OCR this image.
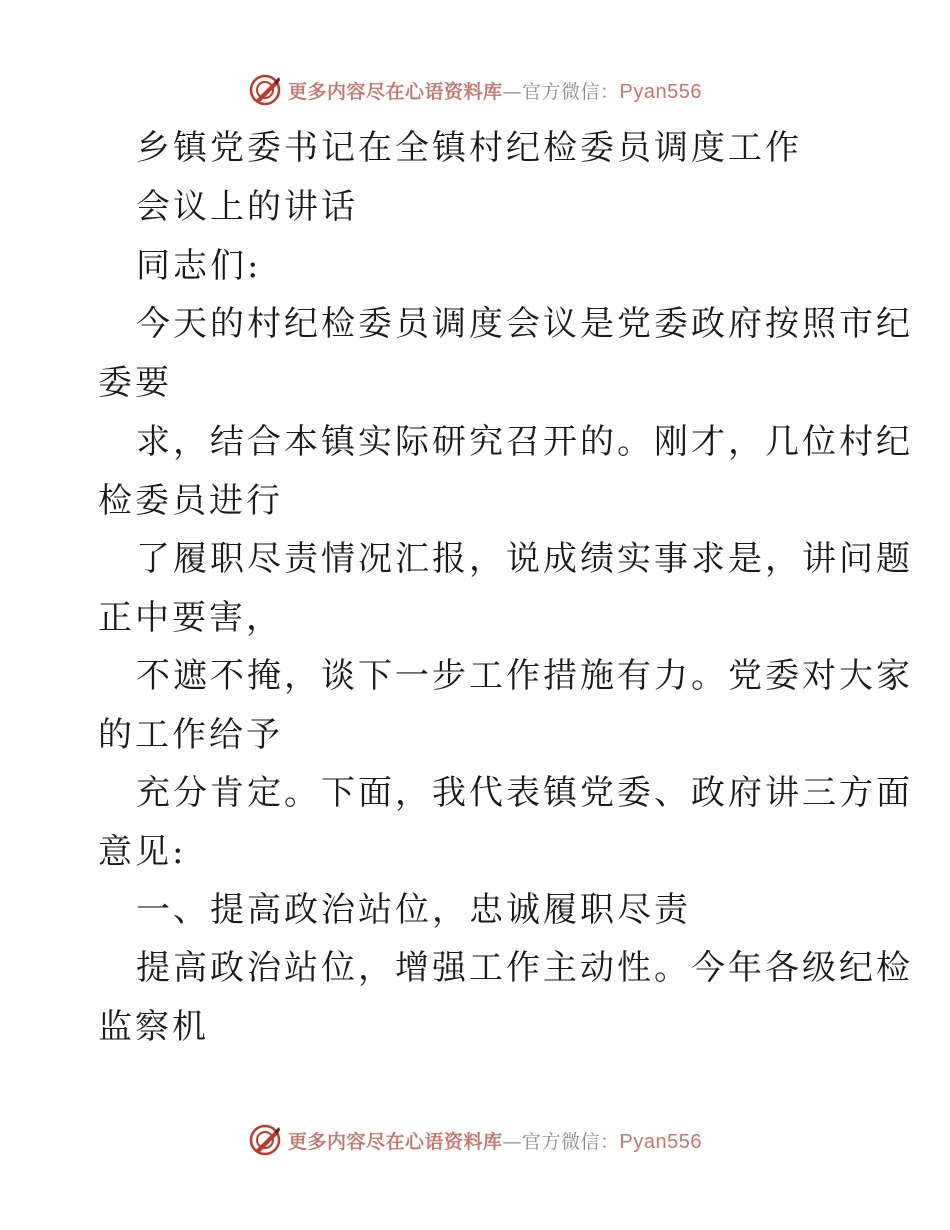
更多内容尽在心语资料库—官方微信：Pyan556
乡镇党委书记在全镇村纪检委员调度工作
会议上的讲话
同志们:
今天的村纪检委员调度会议是党委政府按照市纪
委要
求，结合本镇实际研究召开的。刚才，几位村纪
检委员进行
了履职尽责情况汇报，说成绩实事求是，讲问题
正中要害，
不遮不掩，谈下一步工作措施有力。党委对大家
的工作给予
充分肯定。下面，我代表镇党委、政府讲三方面
意见:
一、提高政治站位，忠诚履职尽责
提高政治站位，增强工作主动性。今年各级纪检
监察机
更多内容尽在心语资料库—官方微信：Pyan556
